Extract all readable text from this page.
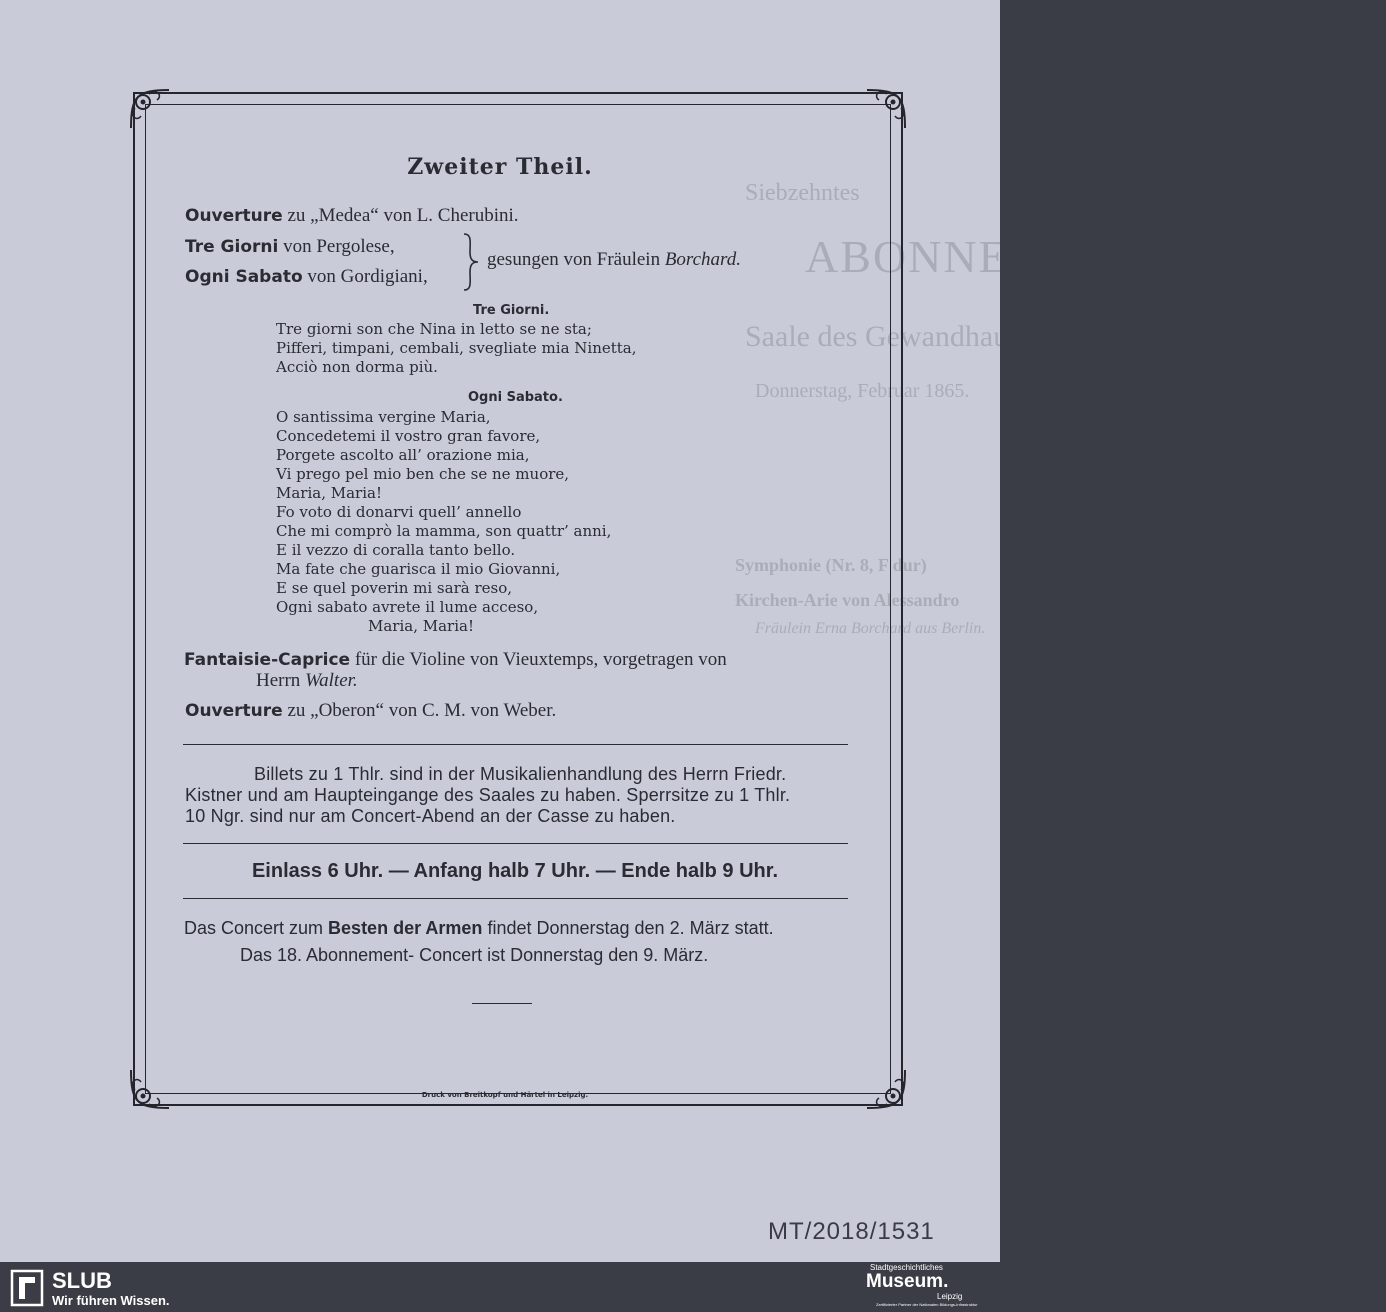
Siebzehntes
ABONNEMENT-CONCERT
Saale des Gewandhauses
Donnerstag, Februar 1865.
Symphonie (Nr. 8, F dur)
Kirchen-Arie von Alessandro
Fräulein Erna Borchard aus Berlin.
Zweiter Theil.
Ouverture zu „Medea“ von L. Cherubini.
Tre Giorni von Pergolese,
Ogni Sabato von Gordigiani,
gesungen von Fräulein Borchard.
Tre Giorni.
Tre giorni son che Nina in letto se ne sta;
Pifferi, timpani, cembali, svegliate mia Ninetta,
Acciò non dorma più.
Ogni Sabato.
O santissima vergine Maria,
Concedetemi il vostro gran favore,
Porgete ascolto all’ orazione mia,
Vi prego pel mio ben che se ne muore,
Maria, Maria!
Fo voto di donarvi quell’ annello
Che mi comprò la mamma, son quattr’ anni,
E il vezzo di coralla tanto bello.
Ma fate che guarisca il mio Giovanni,
E se quel poverin mi sarà reso,
Ogni sabato avrete il lume acceso,
Maria, Maria!
Fantaisie-Caprice für die Violine von Vieuxtemps, vorgetragen von
Herrn Walter.
Ouverture zu „Oberon“ von C. M. von Weber.
Billets zu 1 Thlr. sind in der Musikalienhandlung des Herrn Friedr.
Kistner und am Haupteingange des Saales zu haben. Sperrsitze zu 1 Thlr.
10 Ngr. sind nur am Concert-Abend an der Casse zu haben.
Einlass 6 Uhr. — Anfang halb 7 Uhr. — Ende halb 9 Uhr.
Das Concert zum Besten der Armen findet Donnerstag den 2. März statt.
Das 18. Abonnement- Concert ist Donnerstag den 9. März.
Druck von Breitkopf und Härtel in Leipzig.
MT/2018/1531
SLUB
Wir führen Wissen.
Stadtgeschichtliches
Museum.
Leipzig
Zertifizierter Partner der Nationalen Bildungs-Infrastruktur
